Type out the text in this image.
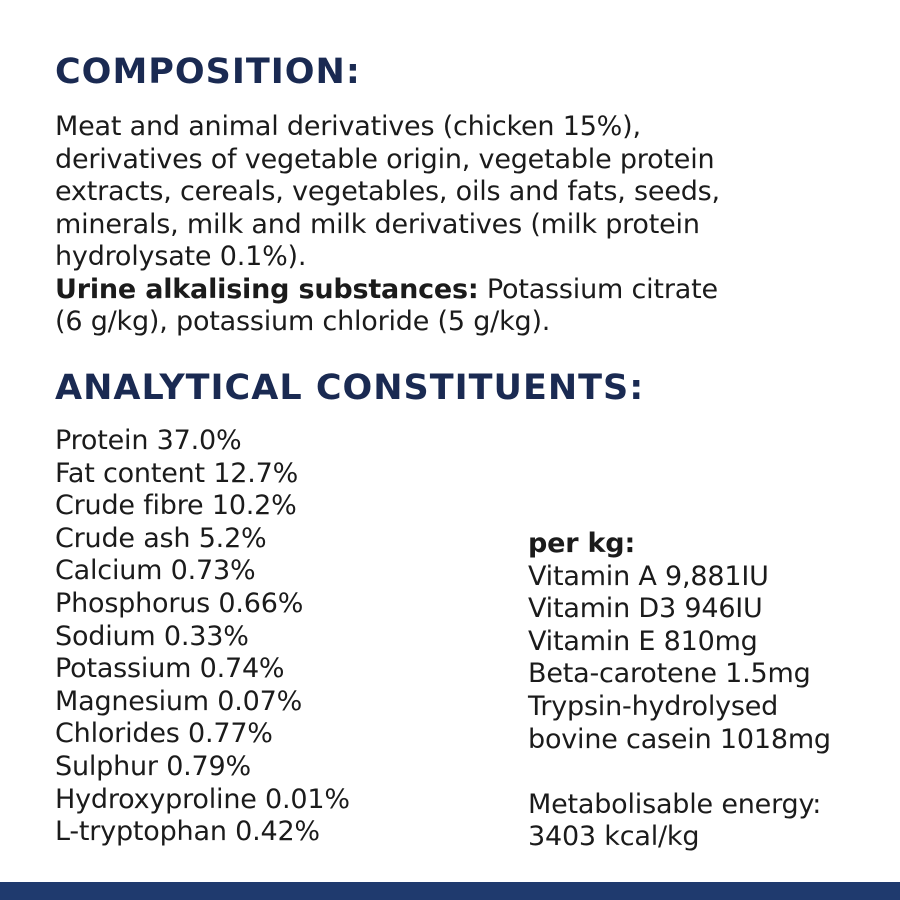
COMPOSITION:

Meat and animal derivatives (chicken 15%),
derivatives of vegetable origin, vegetable protein
extracts, cereals, vegetables, oils and fats, seeds,
minerals, milk and milk derivatives (milk protein
hydrolysate 0.1%).
Urine alkalising substances: Potassium citrate
(6 g/kg), potassium chloride (5 g/kg).

ANALYTICAL CONSTITUENTS:
Protein 37.0%
Fat content 12.7%
Crude fibre 10.2%
Crude ash 5.2%
Calcium 0.73%
Phosphorus 0.66%
Sodium 0.33%
Potassium 0.74%
Magnesium 0.07%
Chlorides 0.77%
Sulphur 0.79%
Hydroxyproline 0.01%
L-tryptophan 0.42%
per kg:
Vitamin A 9,881IU
Vitamin D3 946IU
Vitamin E 810mg
Beta-carotene 1.5mg
Trypsin-hydrolysed
bovine casein 1018mg
Metabolisable energy:
3403 kcal/kg
